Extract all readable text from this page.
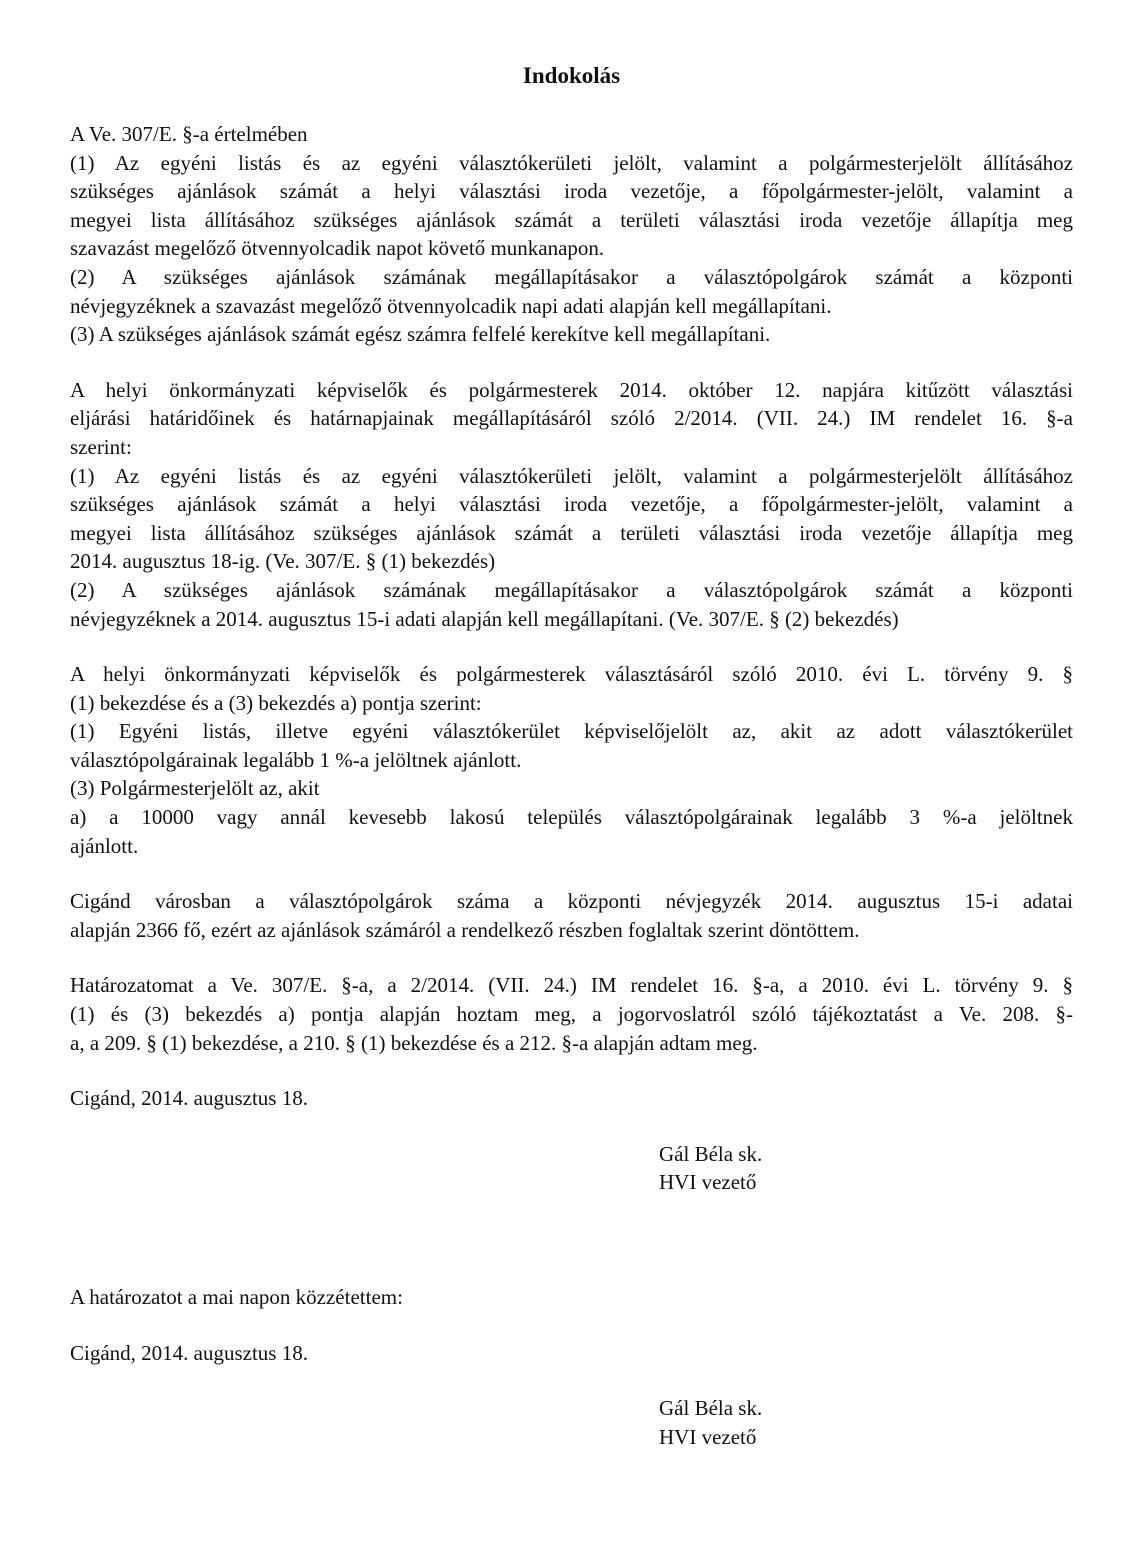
Indokolás
A Ve. 307/E. §-a értelmében
(1) Az egyéni listás és az egyéni választókerületi jelölt, valamint a polgármesterjelölt állításához
szükséges ajánlások számát a helyi választási iroda vezetője, a főpolgármester-jelölt, valamint a
megyei lista állításához szükséges ajánlások számát a területi választási iroda vezetője állapítja meg
szavazást megelőző ötvennyolcadik napot követő munkanapon.
(2) A szükséges ajánlások számának megállapításakor a választópolgárok számát a központi
névjegyzéknek a szavazást megelőző ötvennyolcadik napi adati alapján kell megállapítani.
(3) A szükséges ajánlások számát egész számra felfelé kerekítve kell megállapítani.
A helyi önkormányzati képviselők és polgármesterek 2014. október 12. napjára kitűzött választási
eljárási határidőinek és határnapjainak megállapításáról szóló 2/2014. (VII. 24.) IM rendelet 16. §-a
szerint:
(1) Az egyéni listás és az egyéni választókerületi jelölt, valamint a polgármesterjelölt állításához
szükséges ajánlások számát a helyi választási iroda vezetője, a főpolgármester-jelölt, valamint a
megyei lista állításához szükséges ajánlások számát a területi választási iroda vezetője állapítja meg
2014. augusztus 18-ig. (Ve. 307/E. § (1) bekezdés)
(2) A szükséges ajánlások számának megállapításakor a választópolgárok számát a központi
névjegyzéknek a 2014. augusztus 15-i adati alapján kell megállapítani. (Ve. 307/E. § (2) bekezdés)
A helyi önkormányzati képviselők és polgármesterek választásáról szóló 2010. évi L. törvény 9. §
(1) bekezdése és a (3) bekezdés a) pontja szerint:
(1) Egyéni listás, illetve egyéni választókerület képviselőjelölt az, akit az adott választókerület
választópolgárainak legalább 1 %-a jelöltnek ajánlott.
(3) Polgármesterjelölt az, akit
a) a 10000 vagy annál kevesebb lakosú település választópolgárainak legalább 3 %-a jelöltnek
ajánlott.
Cigánd városban a választópolgárok száma a központi névjegyzék 2014. augusztus 15-i adatai
alapján 2366 fő, ezért az ajánlások számáról a rendelkező részben foglaltak szerint döntöttem.
Határozatomat a Ve. 307/E. §-a, a 2/2014. (VII. 24.) IM rendelet 16. §-a, a 2010. évi L. törvény 9. §
(1) és (3) bekezdés a) pontja alapján hoztam meg, a jogorvoslatról szóló tájékoztatást a Ve. 208. §-
a, a 209. § (1) bekezdése, a 210. § (1) bekezdése és a 212. §-a alapján adtam meg.
Cigánd, 2014. augusztus 18.
Gál Béla sk.
HVI vezető
A határozatot a mai napon közzétettem:
Cigánd, 2014. augusztus 18.
Gál Béla sk.
HVI vezető
